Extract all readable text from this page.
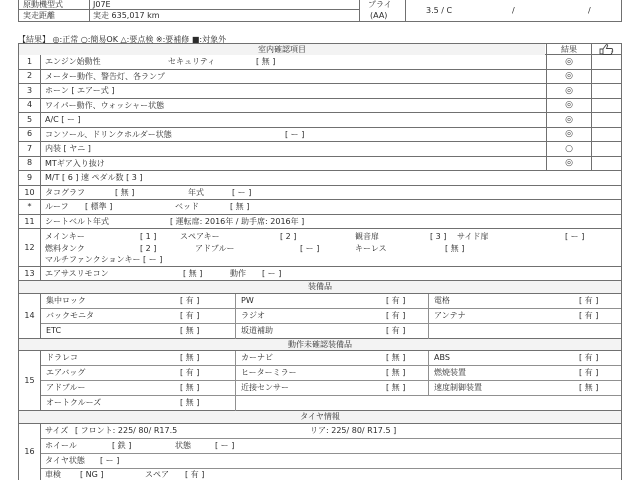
原動機型式	J07E
実走距離	実走 635,017 km
プライ
(AA)
3.5 / C	/	/
【結果】 ◎:正常 ○:簡易OK △:要点検 ※:要補修 ■:対象外
室内確認項目	結果
1	エンジン始動性	セキュリティ	[ 無 ]	◎
2	メーター動作、警告灯、各ランプ	◎
3	ホーン [ エアー式 ]	◎
4	ワイパー動作、ウォッシャー状態	◎
5	A/C [ ー ]	◎
6	コンソール、ドリンクホルダー状態	[ ー ]	◎
7	内装 [ ヤニ ]	○
8	MTギア入り抜け	◎
9	M/T [ 6 ] 速 ペダル数 [ 3 ]
10	タコグラフ	[ 無 ]	年式	[ ー ]
*	ルーフ [ 標準 ]	ベッド	[ 無 ]
11	シートベルト年式	[ 運転席: 2016年 / 助手席: 2016年 ]
12
メインキー	[ 1 ]	スペアキー	[ 2 ]	観音扉	[ 3 ] サイド扉	[ ー ]
燃料タンク	[ 2 ]	アドブルー	[ ー ]	キーレス	[ 無 ]
マルチファンクションキー [ ー ]
13	エアサスリモコン	[ 無 ]	動作 [ ー ]
装備品
14
集中ロック	[ 有 ]	PW	[ 有 ]	電格	[ 有 ]
バックモニタ	[ 有 ]	ラジオ	[ 有 ]	アンテナ	[ 有 ]
ETC	[ 無 ]	坂道補助	[ 有 ]
動作未確認装備品
15
ドラレコ	[ 無 ]	カーナビ	[ 無 ]	ABS	[ 有 ]
エアバッグ	[ 有 ]	ヒーターミラー	[ 無 ]	燃焼装置	[ 有 ]
アドブルー	[ 無 ]	近接センサー	[ 無 ]	速度制御装置	[ 無 ]
オートクルーズ	[ 無 ]
タイヤ情報
16
サイズ [ フロント: 225/ 80/ R17.5	リア: 225/ 80/ R17.5 ]
ホイール	[ 鉄 ]	状態	[ ー ]
タイヤ状態 [ ー ]
車検 [ NG ]	スペア [ 有 ]
